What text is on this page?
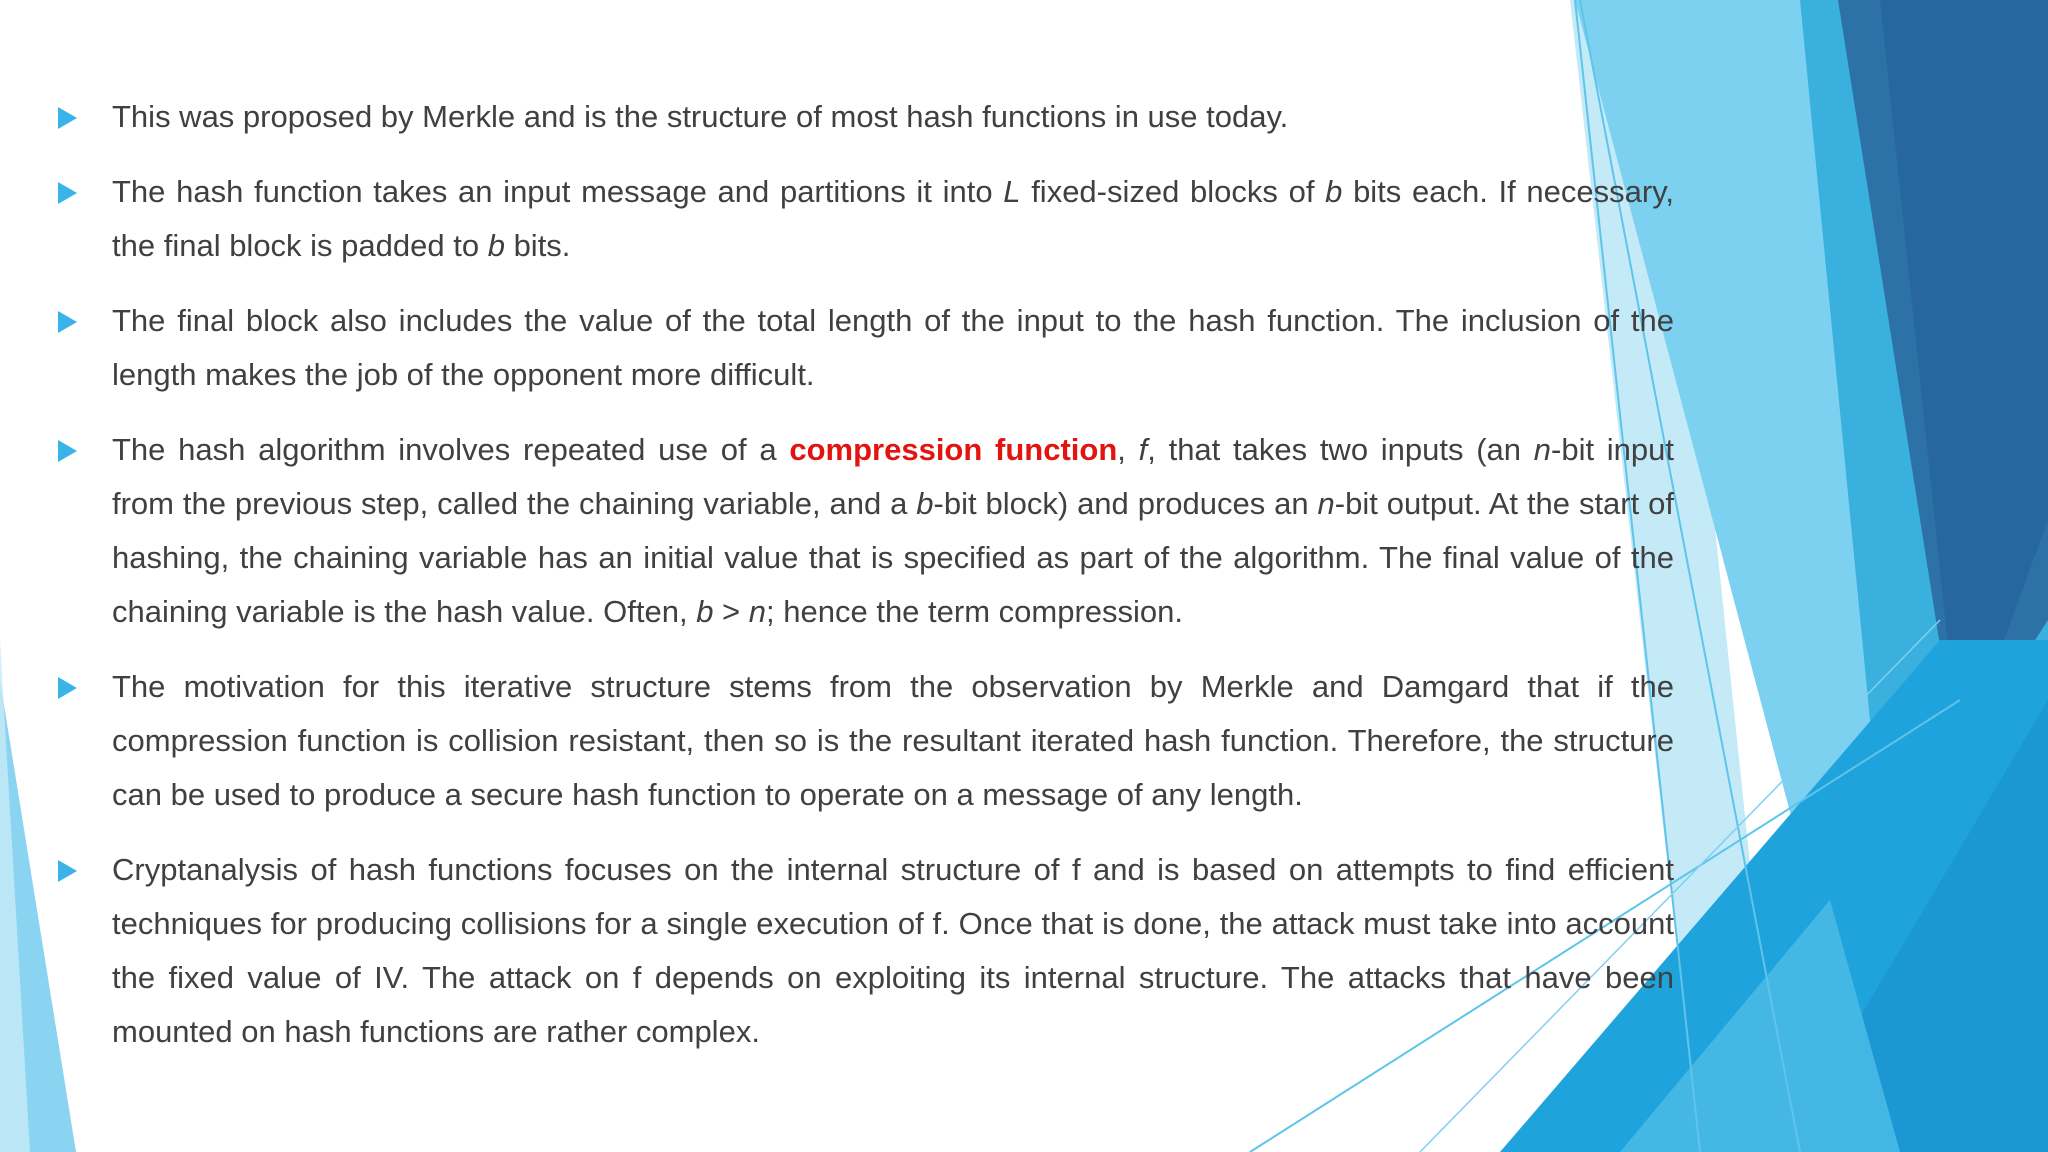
This was proposed by Merkle and is the structure of most hash functions in use today.
The hash function takes an input message and partitions it into L fixed-sized blocks of b bits each. If necessary, the final block is padded to b bits.
The final block also includes the value of the total length of the input to the hash function. The inclusion of the length makes the job of the opponent more difficult.
The hash algorithm involves repeated use of a compression function, f, that takes two inputs (an n-bit input from the previous step, called the chaining variable, and a b-bit block) and produces an n-bit output. At the start of hashing, the chaining variable has an initial value that is specified as part of the algorithm. The final value of the chaining variable is the hash value. Often, b > n; hence the term compression.
The motivation for this iterative structure stems from the observation by Merkle and Damgard that if the compression function is collision resistant, then so is the resultant iterated hash function. Therefore, the structure can be used to produce a secure hash function to operate on a message of any length.
Cryptanalysis of hash functions focuses on the internal structure of f and is based on attempts to find efficient techniques for producing collisions for a single execution of f. Once that is done, the attack must take into account the fixed value of IV. The attack on f depends on exploiting its internal structure. The attacks that have been mounted on hash functions are rather complex.
